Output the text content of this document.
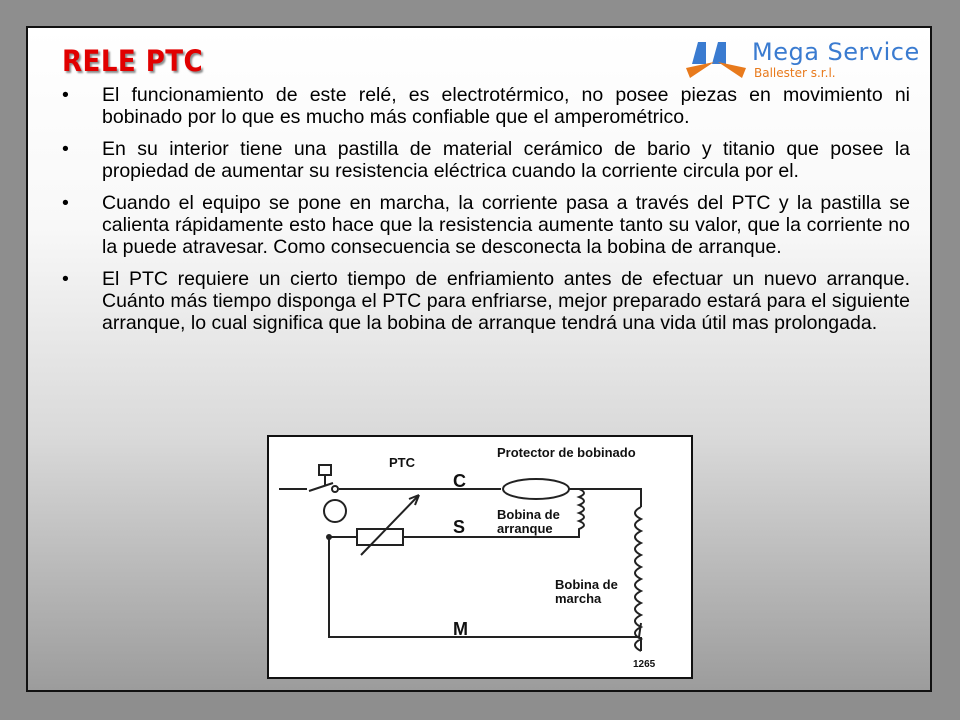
RELE PTC	Mega Service
Ballester s.r.l.
• El funcionamiento de este relé, es electrotérmico, no posee piezas en movimiento ni bobinado por lo que es mucho más confiable que el amperométrico.
• En su interior tiene una pastilla de material cerámico de bario y titanio que posee la propiedad de aumentar su resistencia eléctrica cuando la corriente circula por el.
• Cuando el equipo se pone en marcha, la corriente pasa a través del PTC y la pastilla se calienta rápidamente esto hace que la resistencia aumente tanto su valor, que la corriente no la puede atravesar. Como consecuencia se desconecta la bobina de arranque.
• El PTC requiere un cierto tiempo de enfriamiento antes de efectuar un nuevo arranque. Cuánto más tiempo disponga el PTC para enfriarse, mejor preparado estará para el siguiente arranque, lo cual significa que la bobina de arranque tendrá una vida útil mas prolongada.
PTC
Protector de bobinado
C
S
M
Bobina de
arranque
Bobina de
marcha
1265
